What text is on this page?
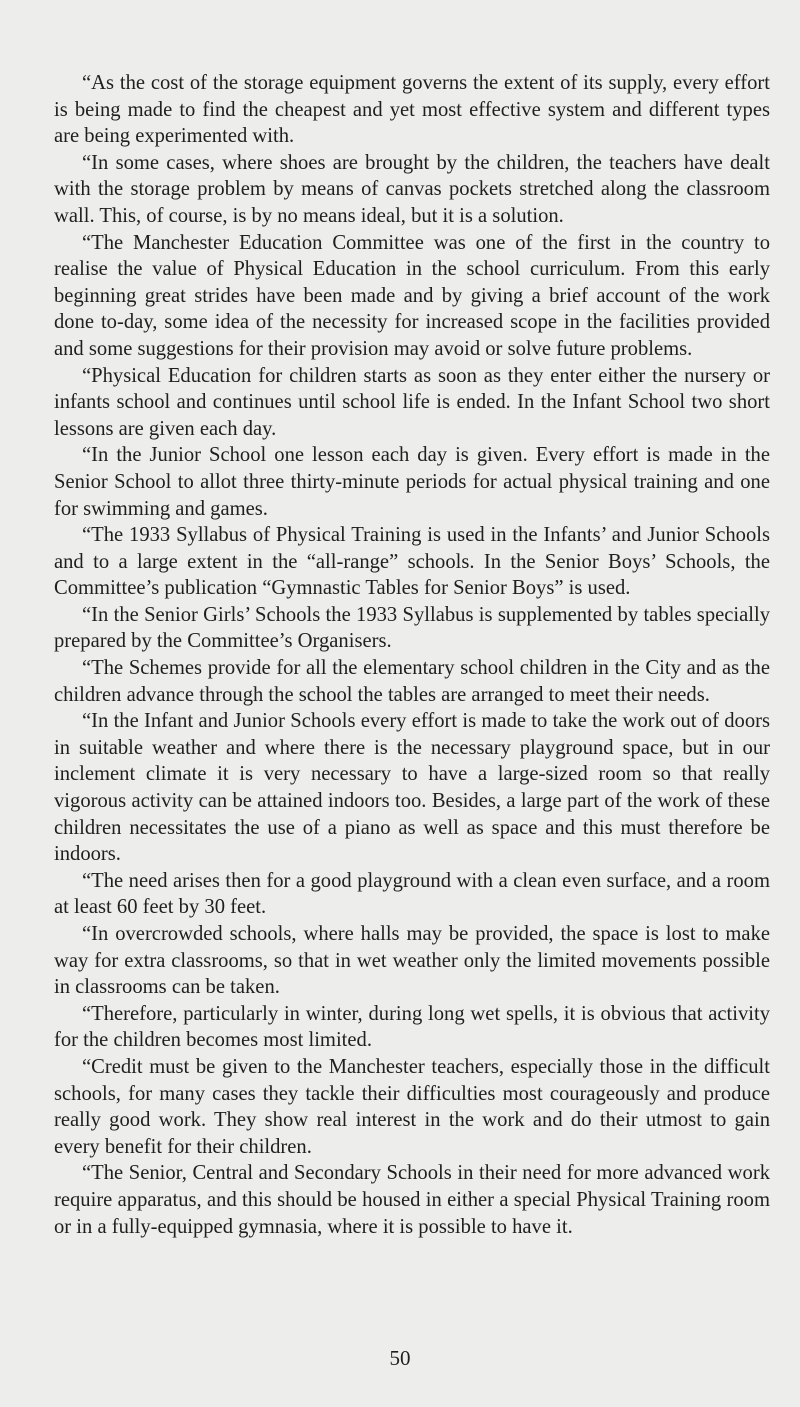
“As the cost of the storage equipment governs the extent of its supply, every effort is being made to find the cheapest and yet most effective system and different types are being experimented with.

“In some cases, where shoes are brought by the children, the teachers have dealt with the storage problem by means of canvas pockets stretched along the classroom wall. This, of course, is by no means ideal, but it is a solution.

“The Manchester Education Committee was one of the first in the country to realise the value of Physical Education in the school curriculum. From this early beginning great strides have been made and by giving a brief account of the work done to-day, some idea of the necessity for increased scope in the facilities provided and some suggestions for their provision may avoid or solve future problems.

“Physical Education for children starts as soon as they enter either the nursery or infants school and continues until school life is ended. In the Infant School two short lessons are given each day.

“In the Junior School one lesson each day is given. Every effort is made in the Senior School to allot three thirty-minute periods for actual physical training and one for swimming and games.

“The 1933 Syllabus of Physical Training is used in the Infants’ and Junior Schools and to a large extent in the “all-range” schools. In the Senior Boys’ Schools, the Committee’s publication “Gymnastic Tables for Senior Boys” is used.

“In the Senior Girls’ Schools the 1933 Syllabus is supplemented by tables specially prepared by the Committee’s Organisers.

“The Schemes provide for all the elementary school children in the City and as the children advance through the school the tables are arranged to meet their needs.

“In the Infant and Junior Schools every effort is made to take the work out of doors in suitable weather and where there is the necessary playground space, but in our inclement climate it is very necessary to have a large-sized room so that really vigorous activity can be attained indoors too. Besides, a large part of the work of these children necessitates the use of a piano as well as space and this must therefore be indoors.

“The need arises then for a good playground with a clean even surface, and a room at least 60 feet by 30 feet.

“In overcrowded schools, where halls may be provided, the space is lost to make way for extra classrooms, so that in wet weather only the limited movements possible in classrooms can be taken.

“Therefore, particularly in winter, during long wet spells, it is obvious that activity for the children becomes most limited.

“Credit must be given to the Manchester teachers, especially those in the difficult schools, for many cases they tackle their difficulties most courageously and produce really good work. They show real interest in the work and do their utmost to gain every benefit for their children.

“The Senior, Central and Secondary Schools in their need for more advanced work require apparatus, and this should be housed in either a special Physical Training room or in a fully-equipped gymnasia, where it is possible to have it.

50
